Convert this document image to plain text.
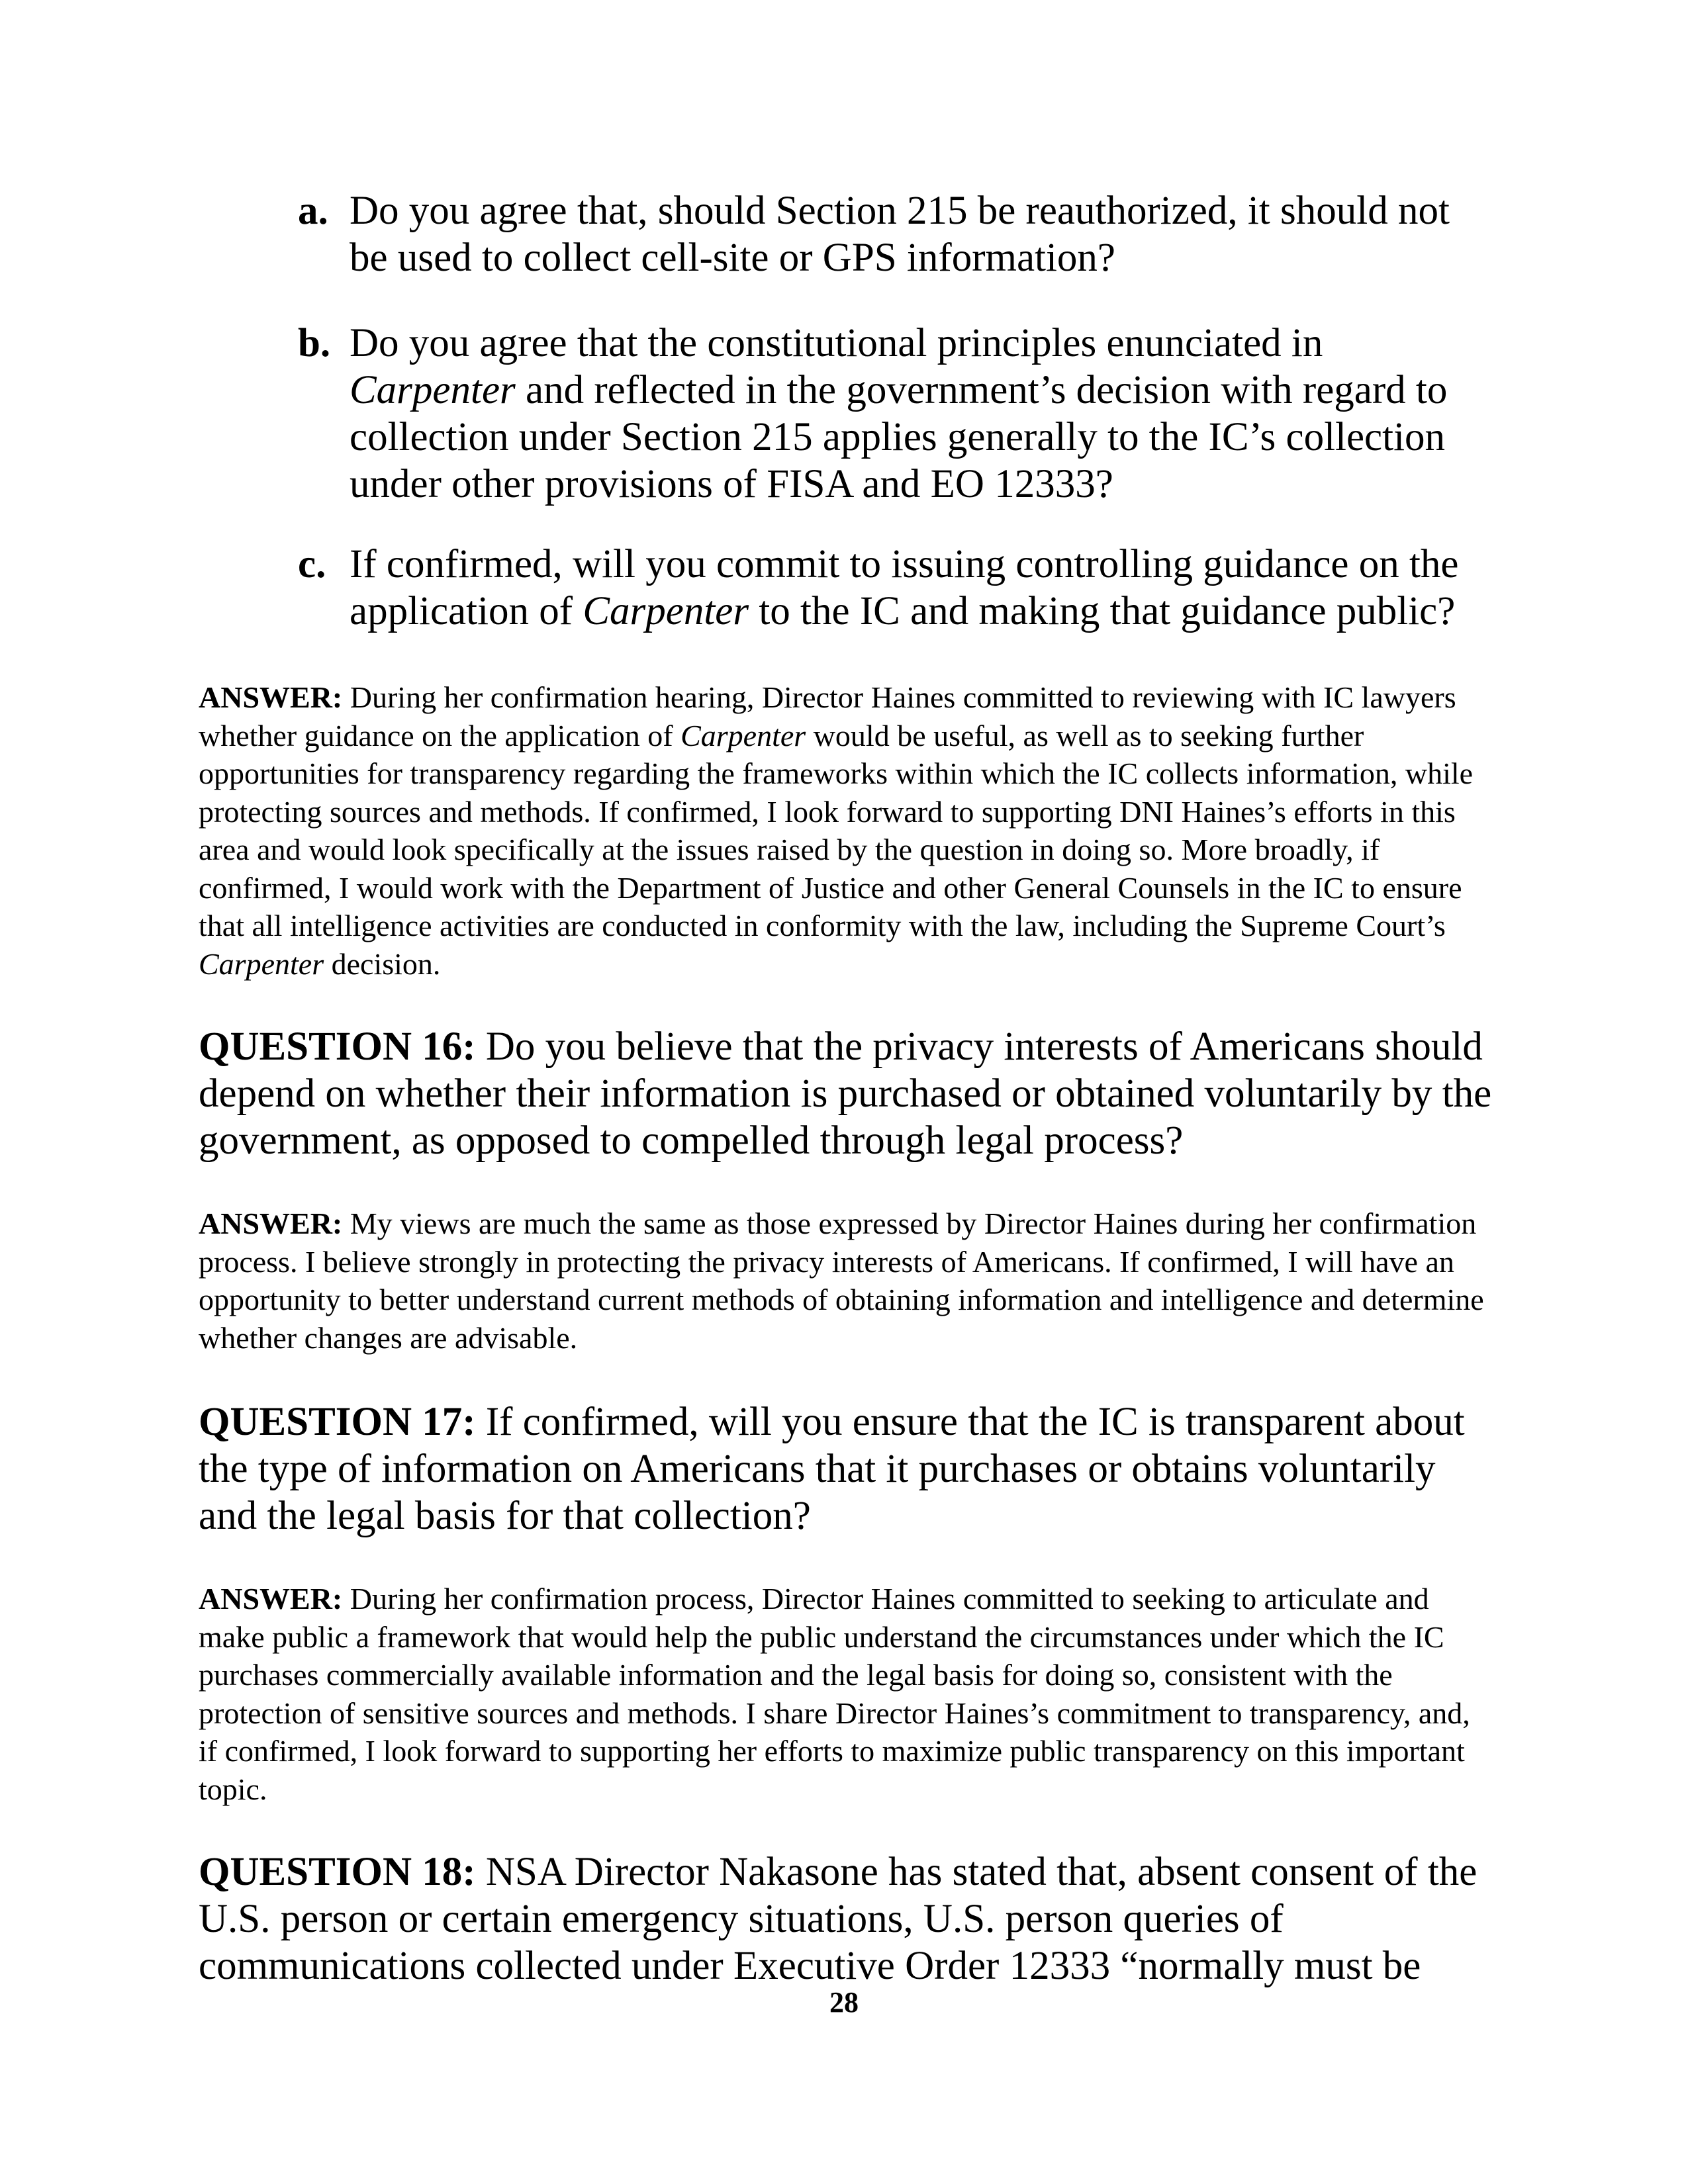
a. Do you agree that, should Section 215 be reauthorized, it should not be used to collect cell-site or GPS information?
b. Do you agree that the constitutional principles enunciated in Carpenter and reflected in the government’s decision with regard to collection under Section 215 applies generally to the IC’s collection under other provisions of FISA and EO 12333?
c. If confirmed, will you commit to issuing controlling guidance on the application of Carpenter to the IC and making that guidance public?
ANSWER: During her confirmation hearing, Director Haines committed to reviewing with IC lawyers whether guidance on the application of Carpenter would be useful, as well as to seeking further opportunities for transparency regarding the frameworks within which the IC collects information, while protecting sources and methods. If confirmed, I look forward to supporting DNI Haines’s efforts in this area and would look specifically at the issues raised by the question in doing so. More broadly, if confirmed, I would work with the Department of Justice and other General Counsels in the IC to ensure that all intelligence activities are conducted in conformity with the law, including the Supreme Court’s Carpenter decision.
QUESTION 16: Do you believe that the privacy interests of Americans should depend on whether their information is purchased or obtained voluntarily by the government, as opposed to compelled through legal process?
ANSWER: My views are much the same as those expressed by Director Haines during her confirmation process. I believe strongly in protecting the privacy interests of Americans. If confirmed, I will have an opportunity to better understand current methods of obtaining information and intelligence and determine whether changes are advisable.
QUESTION 17: If confirmed, will you ensure that the IC is transparent about the type of information on Americans that it purchases or obtains voluntarily and the legal basis for that collection?
ANSWER: During her confirmation process, Director Haines committed to seeking to articulate and make public a framework that would help the public understand the circumstances under which the IC purchases commercially available information and the legal basis for doing so, consistent with the protection of sensitive sources and methods. I share Director Haines’s commitment to transparency, and, if confirmed, I look forward to supporting her efforts to maximize public transparency on this important topic.
QUESTION 18: NSA Director Nakasone has stated that, absent consent of the U.S. person or certain emergency situations, U.S. person queries of communications collected under Executive Order 12333 “normally must be
28
